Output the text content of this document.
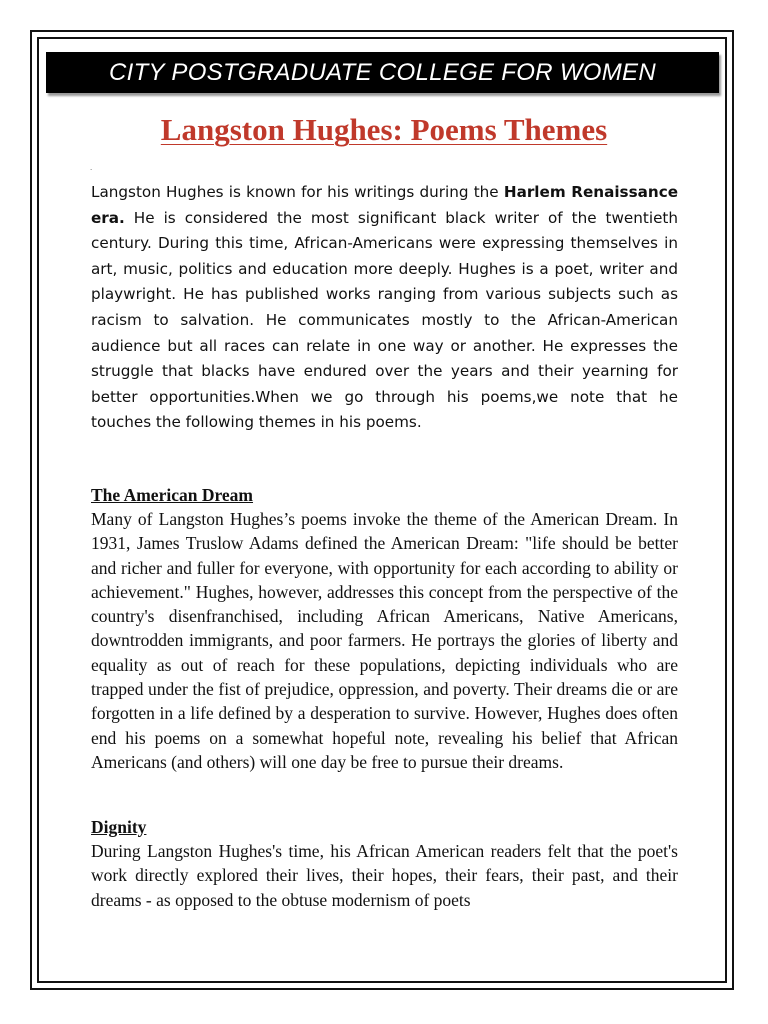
CITY POSTGRADUATE COLLEGE FOR WOMEN
Langston Hughes: Poems Themes
.

Langston Hughes is known for his writings during the Harlem Renaissance era. He is considered the most significant black writer of the twentieth century. During this time, African-Americans were expressing themselves in art, music, politics and education more deeply. Hughes is a poet, writer and playwright. He has published works ranging from various subjects such as racism to salvation. He communicates mostly to the African-American audience but all races can relate in one way or another. He expresses the struggle that blacks have endured over the years and their yearning for better opportunities.When we go through his poems,we note that he touches the following themes in his poems.

The American Dream

Many of Langston Hughes’s poems invoke the theme of the American Dream. In 1931, James Truslow Adams defined the American Dream: "life should be better and richer and fuller for everyone, with opportunity for each according to ability or achievement." Hughes, however, addresses this concept from the perspective of the country's disenfranchised, including African Americans, Native Americans, downtrodden immigrants, and poor farmers. He portrays the glories of liberty and equality as out of reach for these populations, depicting individuals who are trapped under the fist of prejudice, oppression, and poverty. Their dreams die or are forgotten in a life defined by a desperation to survive. However, Hughes does often end his poems on a somewhat hopeful note, revealing his belief that African Americans (and others) will one day be free to pursue their dreams.

Dignity

During Langston Hughes's time, his African American readers felt that the poet's work directly explored their lives, their hopes, their fears, their past, and their dreams - as opposed to the obtuse modernism of poets
